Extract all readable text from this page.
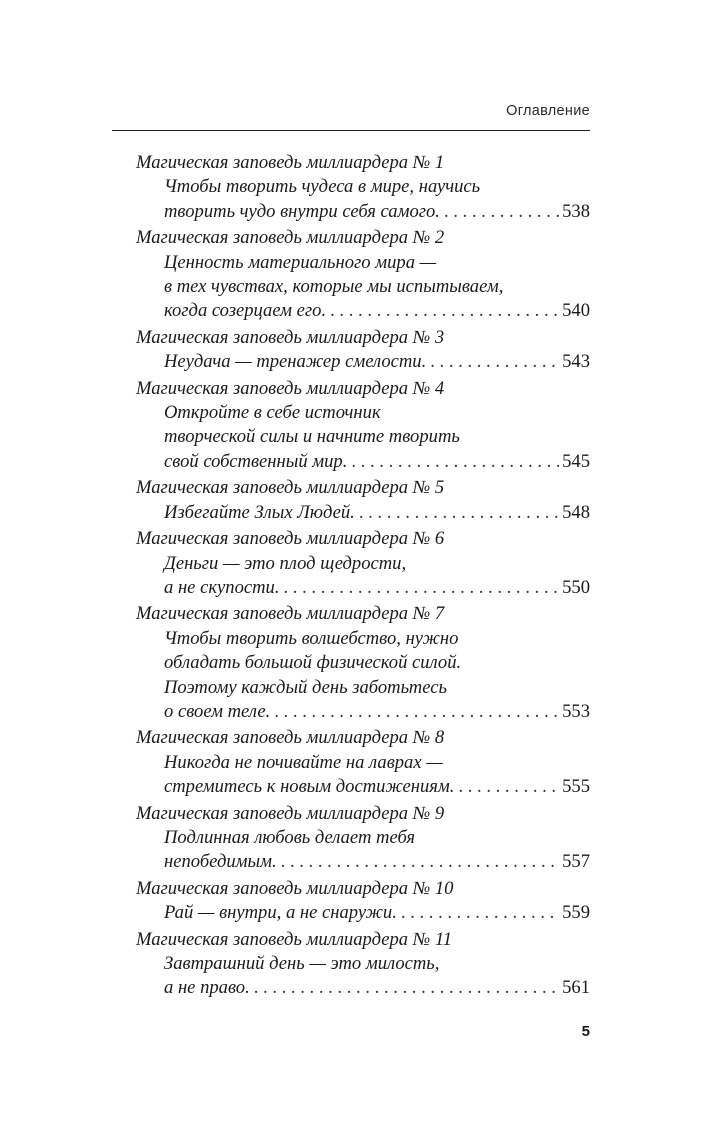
Оглавление
Магическая заповедь миллиардера № 1
Чтобы творить чудеса в мире, научись
творить чудо внутри себя самого. . . .	538
Магическая заповедь миллиардера № 2
Ценность материального мира —
в тех чувствах, которые мы испытываем,
когда созерцаем его. . . .	540
Магическая заповедь миллиардера № 3
Неудача — тренажер смелости. . . .	543
Магическая заповедь миллиардера № 4
Откройте в себе источник
творческой силы и начните творить
свой собственный мир. . . .	545
Магическая заповедь миллиардера № 5
Избегайте Злых Людей. . . .	548
Магическая заповедь миллиардера № 6
Деньги — это плод щедрости,
а не скупости. . . .	550
Магическая заповедь миллиардера № 7
Чтобы творить волшебство, нужно
обладать большой физической силой.
Поэтому каждый день заботьтесь
о своем теле. . . .	553
Магическая заповедь миллиардера № 8
Никогда не почивайте на лаврах —
стремитесь к новым достижениям. . . .	555
Магическая заповедь миллиардера № 9
Подлинная любовь делает тебя
непобедимым. . . .	557
Магическая заповедь миллиардера № 10
Рай — внутри, а не снаружи. . . .	559
Магическая заповедь миллиардера № 11
Завтрашний день — это милость,
а не право. . . .	561
5
